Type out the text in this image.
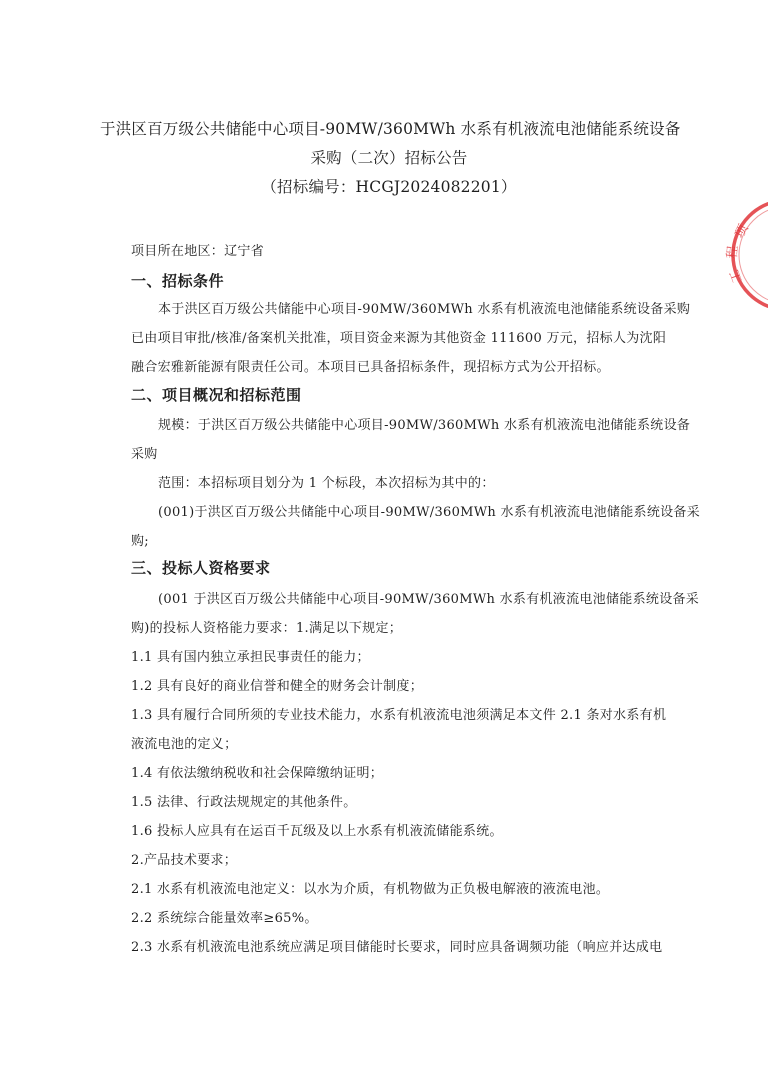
于洪区百万级公共储能中心项目-90MW/360MWh 水系有机液流电池储能系统设备
采购（二次）招标公告
（招标编号：HCGJ2024082201）
项目所在地区：辽宁省
一、招标条件
本于洪区百万级公共储能中心项目-90MW/360MWh 水系有机液流电池储能系统设备采购
已由项目审批/核准/备案机关批准，项目资金来源为其他资金 111600 万元，招标人为沈阳
融合宏雅新能源有限责任公司。本项目已具备招标条件，现招标方式为公开招标。
二、项目概况和招标范围
规模：于洪区百万级公共储能中心项目-90MW/360MWh 水系有机液流电池储能系统设备
采购
范围：本招标项目划分为 1 个标段，本次招标为其中的：
(001)于洪区百万级公共储能中心项目-90MW/360MWh 水系有机液流电池储能系统设备采
购;
三、投标人资格要求
(001 于洪区百万级公共储能中心项目-90MW/360MWh 水系有机液流电池储能系统设备采
购)的投标人资格能力要求：1.满足以下规定；
1.1 具有国内独立承担民事责任的能力；
1.2 具有良好的商业信誉和健全的财务会计制度；
1.3 具有履行合同所须的专业技术能力，水系有机液流电池须满足本文件 2.1 条对水系有机
液流电池的定义；
1.4 有依法缴纳税收和社会保障缴纳证明；
1.5 法律、行政法规规定的其他条件。
1.6 投标人应具有在运百千瓦级及以上水系有机液流储能系统。
2.产品技术要求；
2.1 水系有机液流电池定义：以水为介质，有机物做为正负极电解液的液流电池。
2.2 系统综合能量效率≥65%。
2.3 水系有机液流电池系统应满足项目储能时长要求，同时应具备调频功能（响应并达成电
项
程
工
